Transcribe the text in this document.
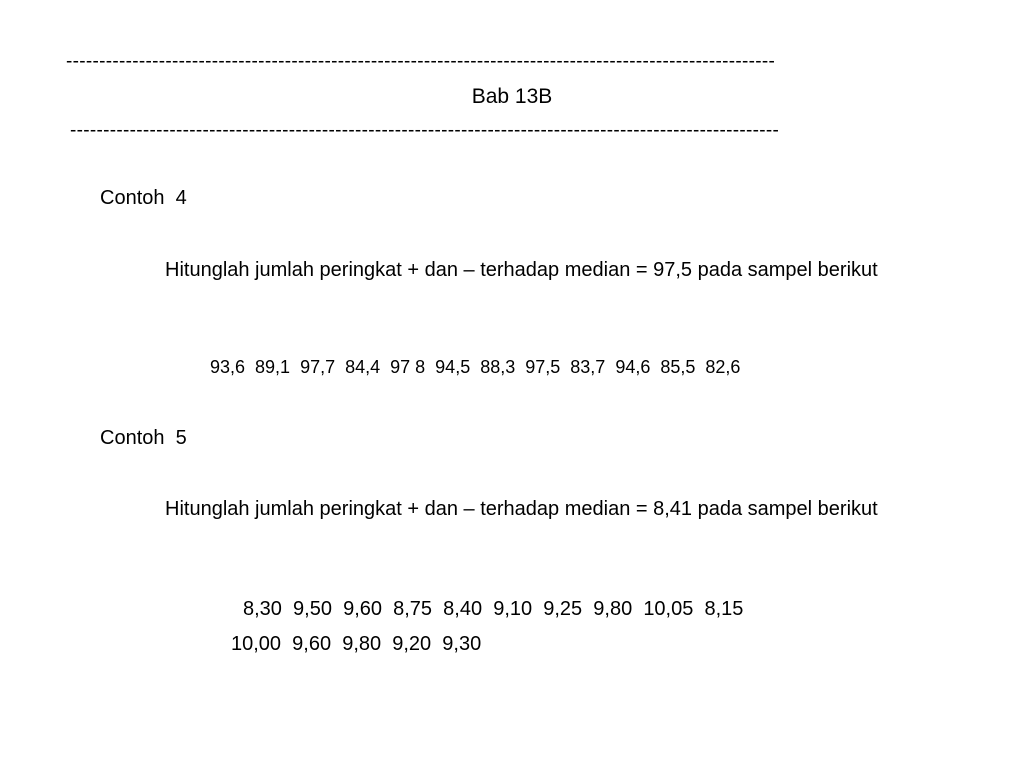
-----------------------------------------------------------------------------------------------------------
Bab 13B
-----------------------------------------------------------------------------------------------------------
Contoh  4
Hitunglah jumlah peringkat + dan – terhadap median = 97,5 pada sampel berikut
93,6  89,1  97,7  84,4  97 8  94,5  88,3  97,5  83,7  94,6  85,5  82,6
Contoh  5
Hitunglah jumlah peringkat + dan – terhadap median = 8,41 pada sampel berikut
8,30  9,50  9,60  8,75  8,40  9,10  9,25  9,80  10,05  8,15
10,00  9,60  9,80  9,20  9,30
